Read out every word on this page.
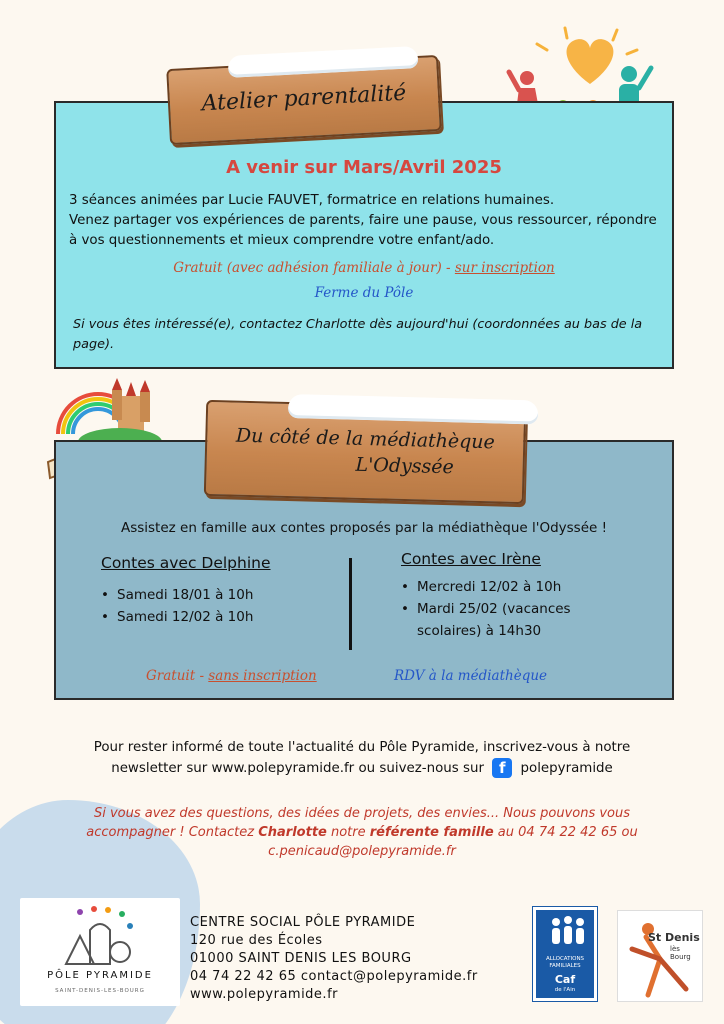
A venir sur Mars/Avril 2025
3 séances animées par Lucie FAUVET, formatrice en relations humaines.
Venez partager vos expériences de parents, faire une pause, vous ressourcer, répondre à vos questionnements et mieux comprendre votre enfant/ado.
Gratuit (avec adhésion familiale à jour) - sur inscription
Ferme du Pôle
Si vous êtes intéressé(e), contactez Charlotte dès aujourd'hui (coordonnées au bas de la page).
Atelier parentalité
Assistez en famille aux contes proposés par la médiathèque l'Odyssée !
Contes avec Delphine
• Samedi 18/01 à 10h
• Samedi 12/02 à 10h
Contes avec Irène
• Mercredi 12/02 à 10h
• Mardi 25/02 (vacances scolaires) à 14h30
Gratuit - sans inscription	RDV à la médiathèque
Du côté de la médiathèque
L'Odyssée
Pour rester informé de toute l'actualité du Pôle Pyramide, inscrivez-vous à notre
newsletter sur www.polepyramide.fr ou suivez-nous sur f polepyramide
Si vous avez des questions, des idées de projets, des envies... Nous pouvons vous accompagner ! Contactez Charlotte notre référente famille au 04 74 22 42 65 ou
c.penicaud@polepyramide.fr
PÔLE PYRAMIDE
SAINT-DENIS-LES-BOURG
CENTRE SOCIAL PÔLE PYRAMIDE
120 rue des Écoles
01000 SAINT DENIS LES BOURG
04 74 22 42 65 contact@polepyramide.fr
www.polepyramide.fr
ALLOCATIONS
FAMILIALES
Caf
de l'Ain
St Denis
lès Bourg
